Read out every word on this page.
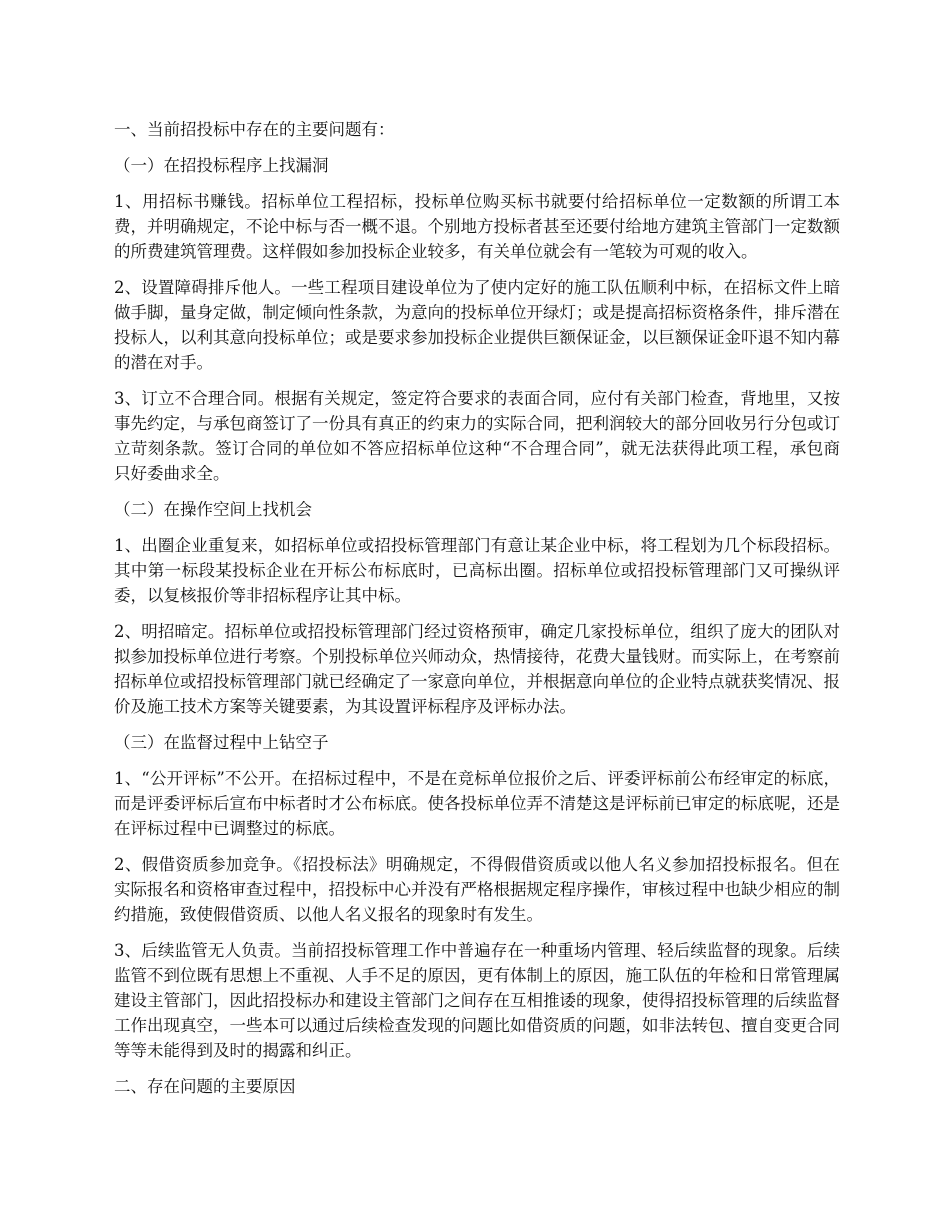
一、当前招投标中存在的主要问题有：

（一）在招投标程序上找漏洞

1、用招标书赚钱。招标单位工程招标，投标单位购买标书就要付给招标单位一定数额的所谓工本费，并明确规定，不论中标与否一概不退。个别地方投标者甚至还要付给地方建筑主管部门一定数额的所费建筑管理费。这样假如参加投标企业较多，有关单位就会有一笔较为可观的收入。

2、设置障碍排斥他人。一些工程项目建设单位为了使内定好的施工队伍顺利中标，在招标文件上暗做手脚，量身定做，制定倾向性条款，为意向的投标单位开绿灯；或是提高招标资格条件，排斥潜在投标人，以利其意向投标单位；或是要求参加投标企业提供巨额保证金，以巨额保证金吓退不知内幕的潜在对手。

3、订立不合理合同。根据有关规定，签定符合要求的表面合同，应付有关部门检查，背地里，又按事先约定，与承包商签订了一份具有真正的约束力的实际合同，把利润较大的部分回收另行分包或订立苛刻条款。签订合同的单位如不答应招标单位这种“不合理合同”，就无法获得此项工程，承包商只好委曲求全。

（二）在操作空间上找机会

1、出圈企业重复来，如招标单位或招投标管理部门有意让某企业中标，将工程划为几个标段招标。其中第一标段某投标企业在开标公布标底时，已高标出圈。招标单位或招投标管理部门又可操纵评委，以复核报价等非招标程序让其中标。

2、明招暗定。招标单位或招投标管理部门经过资格预审，确定几家投标单位，组织了庞大的团队对拟参加投标单位进行考察。个别投标单位兴师动众，热情接待，花费大量钱财。而实际上，在考察前招标单位或招投标管理部门就已经确定了一家意向单位，并根据意向单位的企业特点就获奖情况、报价及施工技术方案等关键要素，为其设置评标程序及评标办法。

（三）在监督过程中上钻空子

1、“公开评标”不公开。在招标过程中，不是在竞标单位报价之后、评委评标前公布经审定的标底，而是评委评标后宣布中标者时才公布标底。使各投标单位弄不清楚这是评标前已审定的标底呢，还是在评标过程中已调整过的标底。

2、假借资质参加竞争。《招投标法》明确规定，不得假借资质或以他人名义参加招投标报名。但在实际报名和资格审查过程中，招投标中心并没有严格根据规定程序操作，审核过程中也缺少相应的制约措施，致使假借资质、以他人名义报名的现象时有发生。

3、后续监管无人负责。当前招投标管理工作中普遍存在一种重场内管理、轻后续监督的现象。后续监管不到位既有思想上不重视、人手不足的原因，更有体制上的原因，施工队伍的年检和日常管理属建设主管部门，因此招投标办和建设主管部门之间存在互相推诿的现象，使得招投标管理的后续监督工作出现真空，一些本可以通过后续检查发现的问题比如借资质的问题，如非法转包、擅自变更合同等等未能得到及时的揭露和纠正。

二、存在问题的主要原因
